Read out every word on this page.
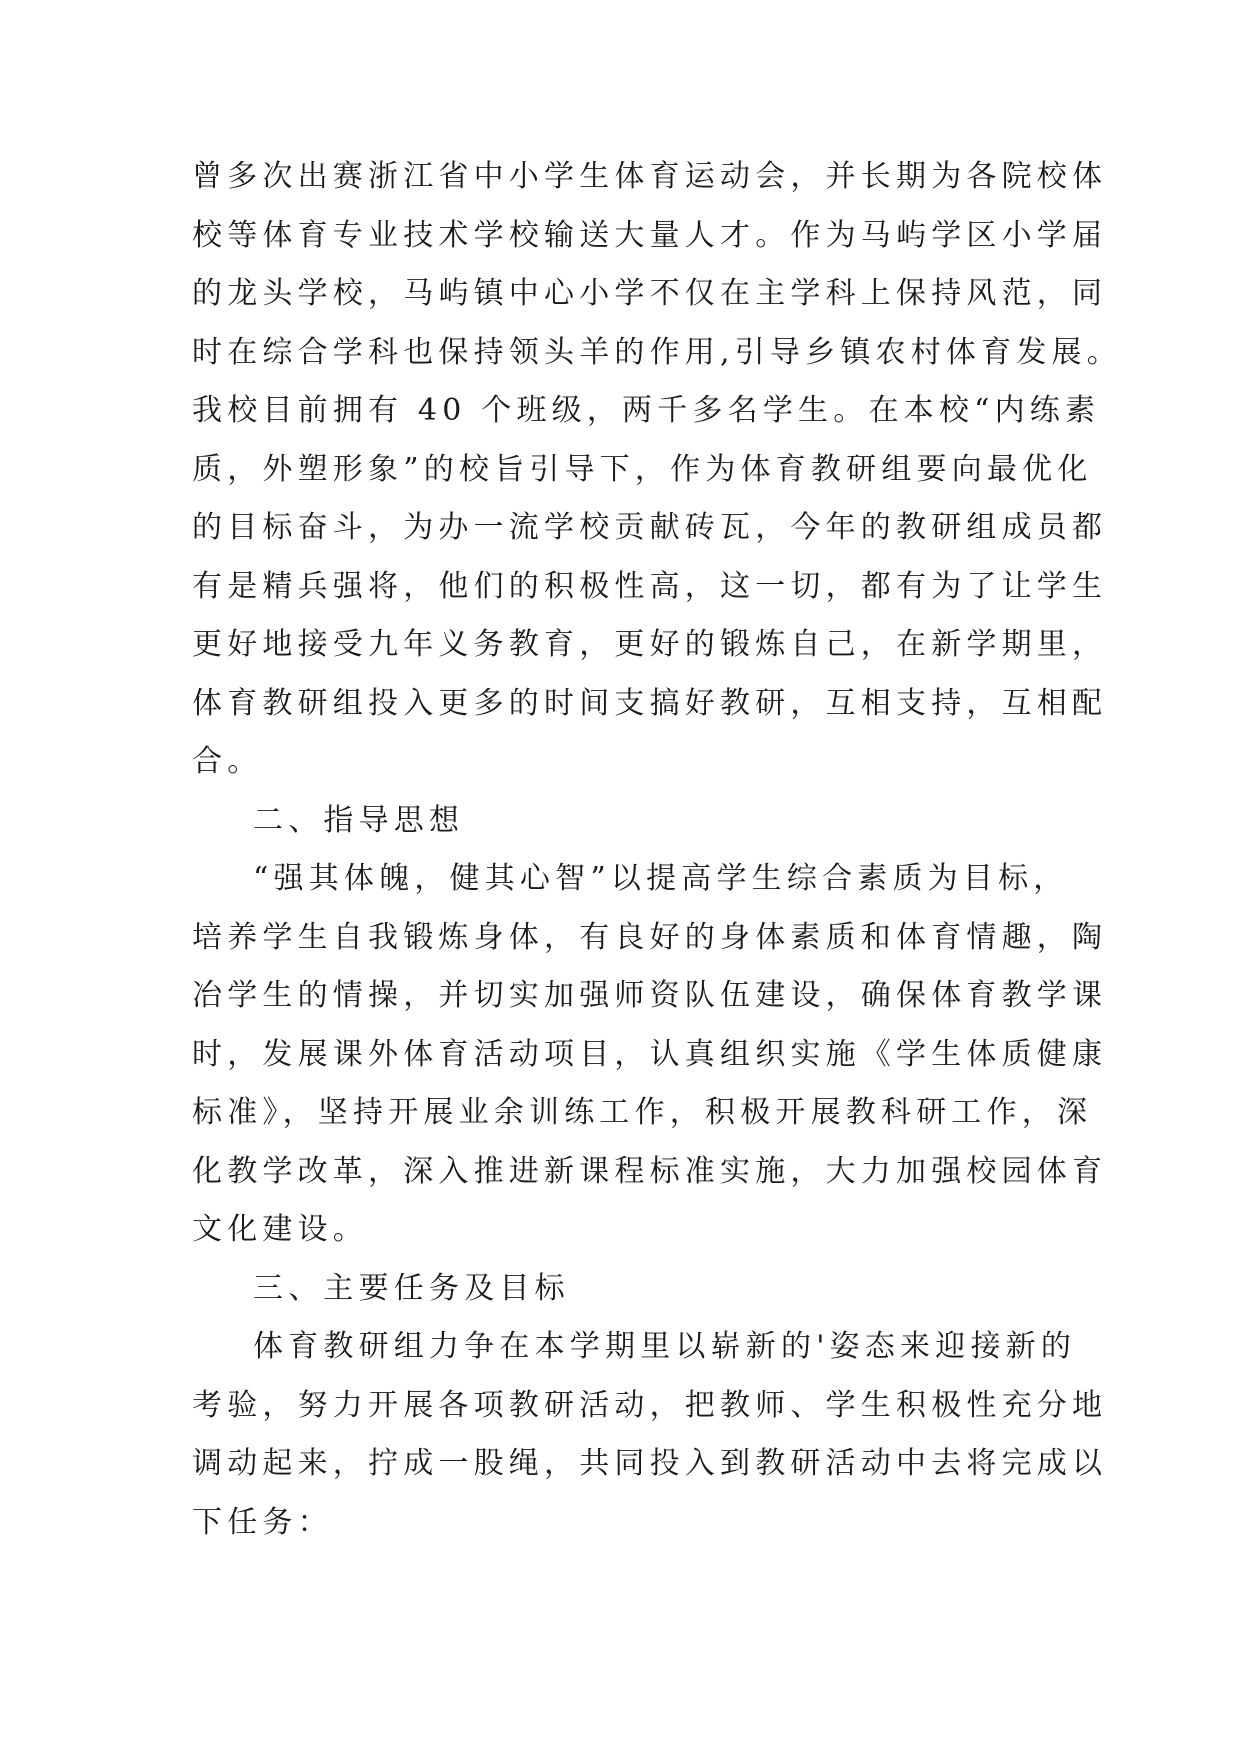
曾多次出赛浙江省中小学生体育运动会，并长期为各院校体
校等体育专业技术学校输送大量人才。作为马屿学区小学届
的龙头学校，马屿镇中心小学不仅在主学科上保持风范，同
时在综合学科也保持领头羊的作用,引导乡镇农村体育发展。
我校目前拥有 40 个班级，两千多名学生。在本校“内练素
质，外塑形象”的校旨引导下，作为体育教研组要向最优化
的目标奋斗，为办一流学校贡献砖瓦，今年的教研组成员都
有是精兵强将，他们的积极性高，这一切，都有为了让学生
更好地接受九年义务教育，更好的锻炼自己，在新学期里，
体育教研组投入更多的时间支搞好教研，互相支持，互相配
合。
二、指导思想
“强其体魄，健其心智”以提高学生综合素质为目标，
培养学生自我锻炼身体，有良好的身体素质和体育情趣，陶
冶学生的情操，并切实加强师资队伍建设，确保体育教学课
时，发展课外体育活动项目，认真组织实施《学生体质健康
标准》，坚持开展业余训练工作，积极开展教科研工作，深
化教学改革，深入推进新课程标准实施，大力加强校园体育
文化建设。
三、主要任务及目标
体育教研组力争在本学期里以崭新的'姿态来迎接新的
考验，努力开展各项教研活动，把教师、学生积极性充分地
调动起来，拧成一股绳，共同投入到教研活动中去将完成以
下任务：
